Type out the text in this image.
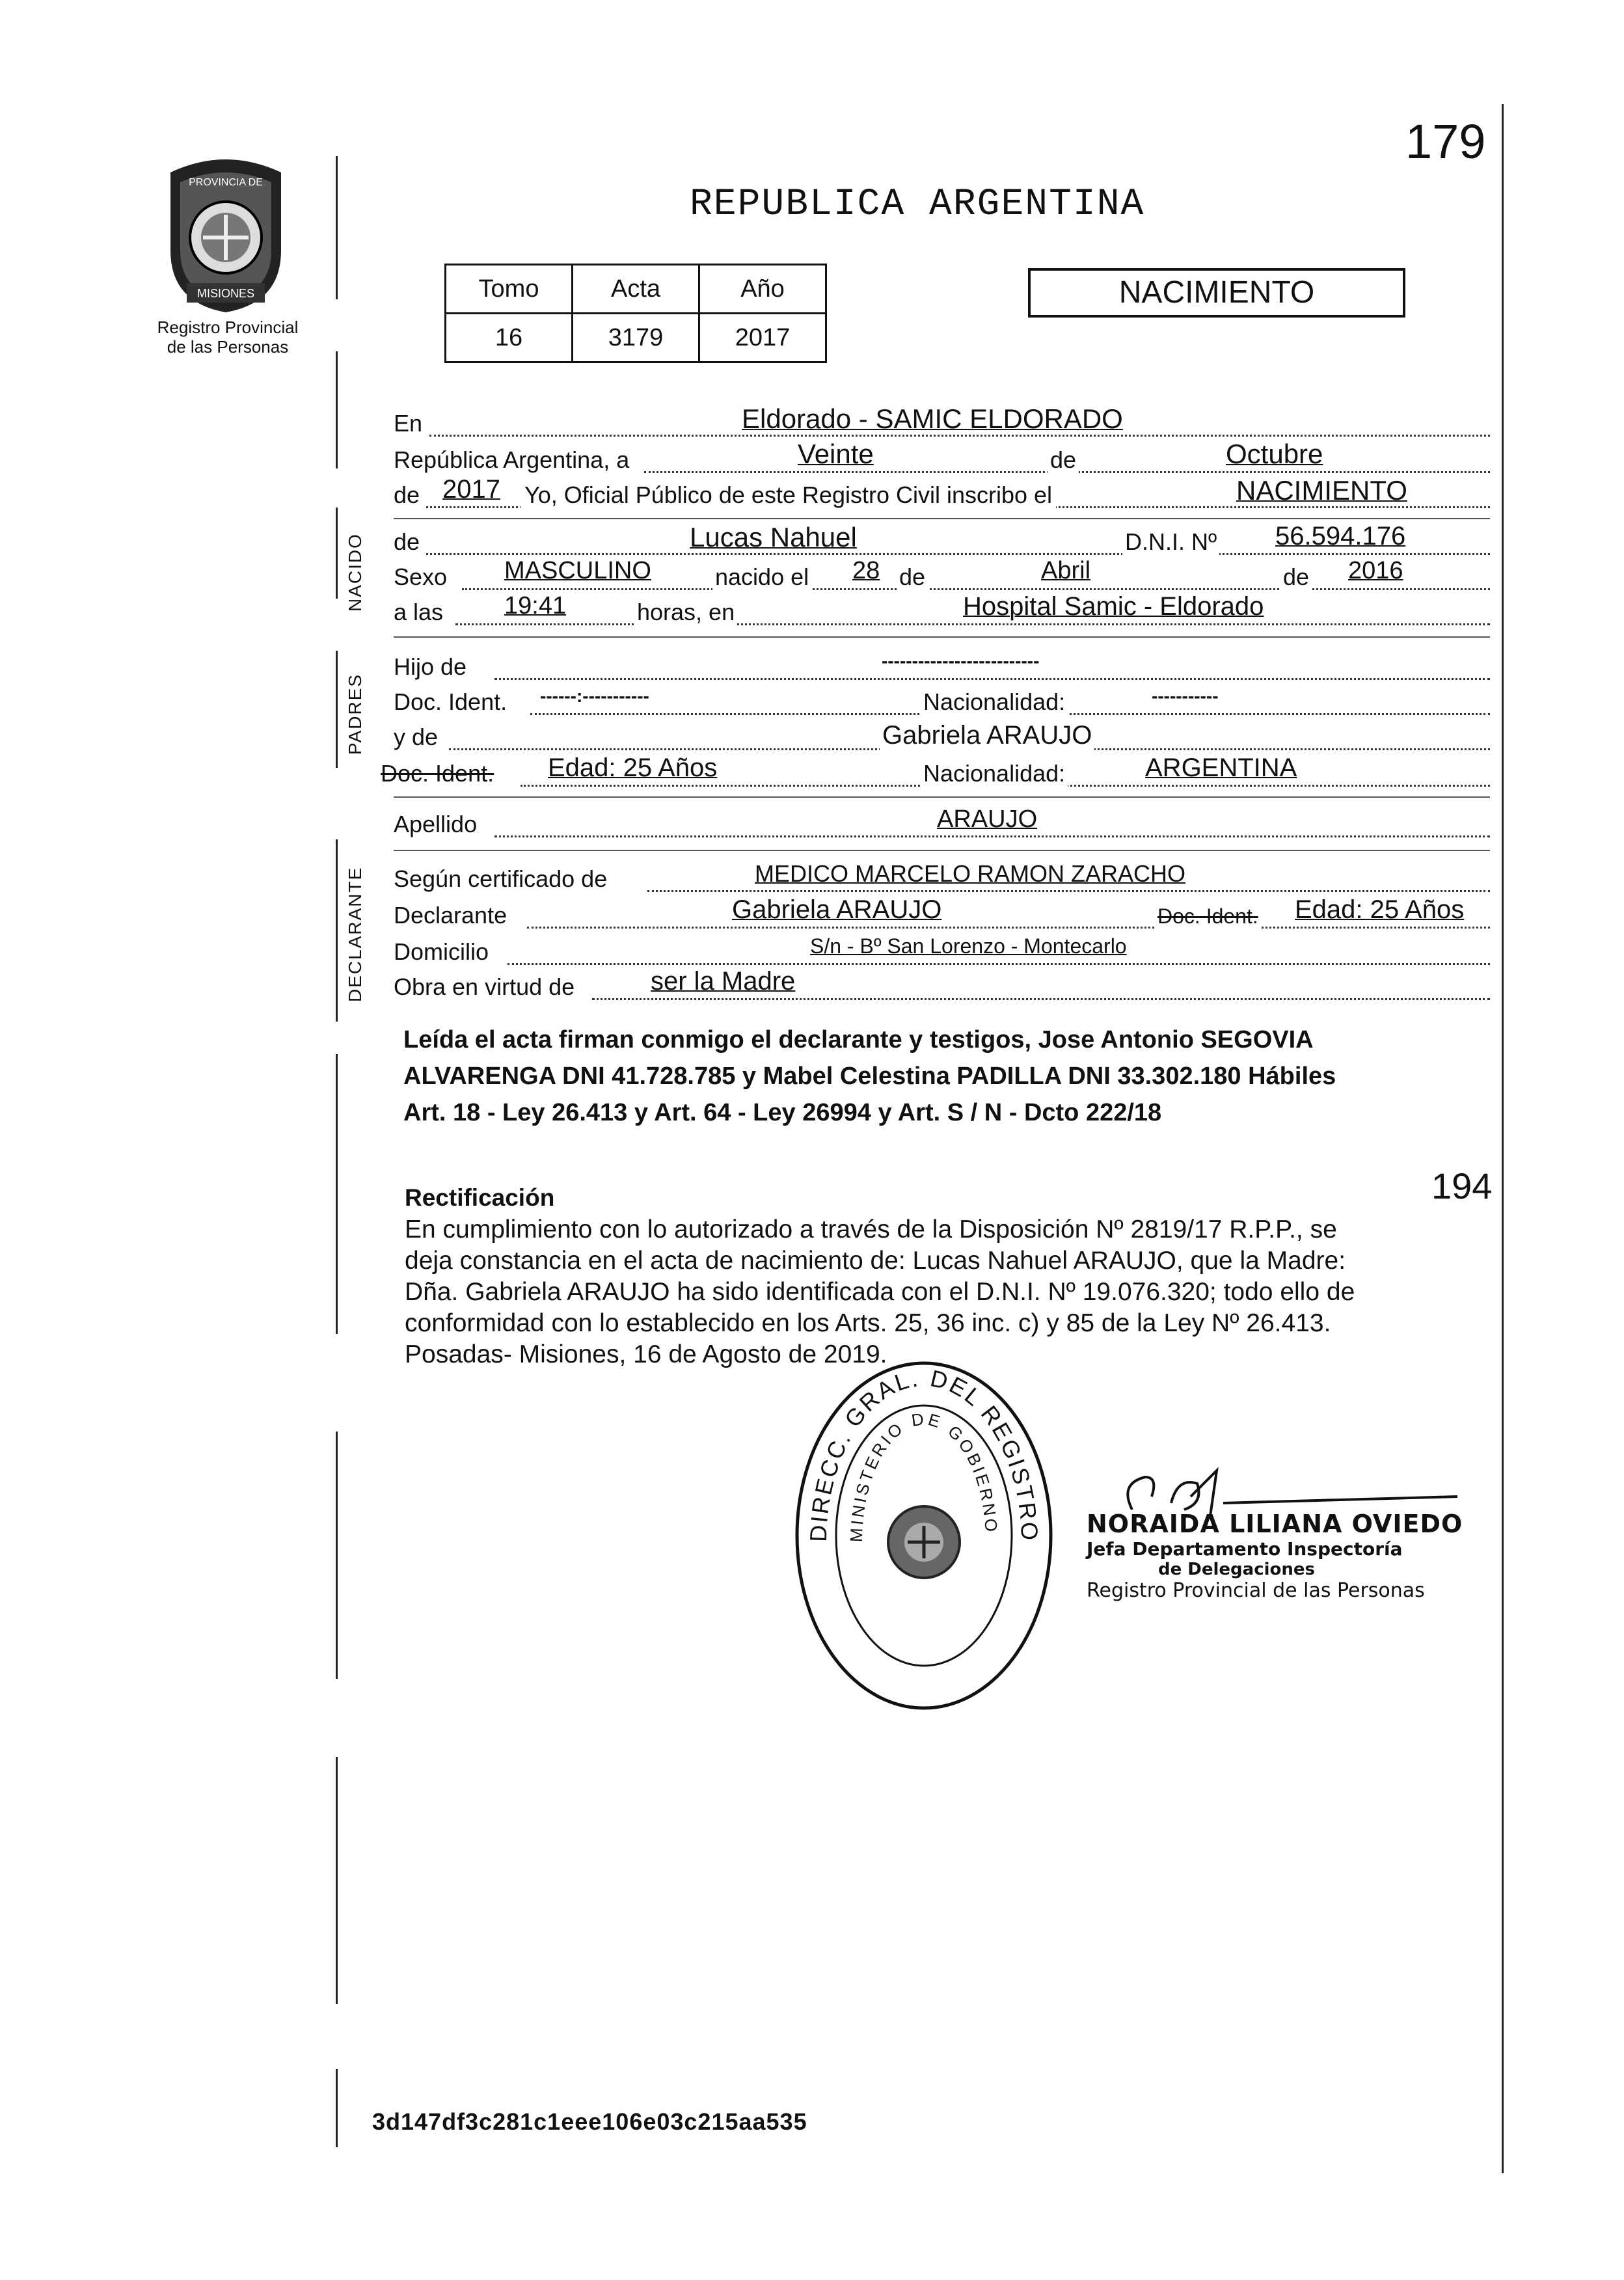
179
MISIONES
PROVINCIA DE
Registro Provincial
de las Personas
REPUBLICA ARGENTINA
Tomo	Acta	Año
16	3179	2017
NACIMIENTO
En	Eldorado - SAMIC ELDORADO
República Argentina, a	Veinte	de	Octubre
de 2017 Yo, Oficial Público de este Registro Civil inscribo el	NACIMIENTO
NACIDO de	Lucas Nahuel	D.N.I. Nº 56.594.176
Sexo MASCULINO	nacido el 28 de	Abril	de 2016
a las 19:41	horas, en	Hospital Samic - Eldorado
PADRES
Hijo de	--------------------------
Doc. Ident. ------:-----------	Nacionalidad:	-----------
y de	Gabriela ARAUJO
Doc. Ident. Edad: 25 Años	Nacionalidad:	ARGENTINA
Apellido	ARAUJO
DECLARANTE Según certificado de	MEDICO MARCELO RAMON ZARACHO
Declarante	Gabriela ARAUJO	Doc. Ident. Edad: 25 Años
Domicilio	S/n - Bº San Lorenzo - Montecarlo
Obra en virtud de	ser la Madre
Leída el acta firman conmigo el declarante y testigos, Jose Antonio SEGOVIA
ALVARENGA DNI 41.728.785 y Mabel Celestina PADILLA DNI 33.302.180 Hábiles
Art. 18 - Ley 26.413 y Art. 64 - Ley 26994 y Art. S / N - Dcto 222/18
194
Rectificación
En cumplimiento con lo autorizado a través de la Disposición Nº 2819/17 R.P.P., se
deja constancia en el acta de nacimiento de: Lucas Nahuel ARAUJO, que la Madre:
Dña. Gabriela ARAUJO ha sido identificada con el D.N.I. Nº 19.076.320; todo ello de
conformidad con lo establecido en los Arts. 25, 36 inc. c) y 85 de la Ley Nº 26.413.
Posadas- Misiones, 16 de Agosto de 2019.
DIRECC. GRAL. DEL REGISTRO
MINISTERIO DE GOBIERNO	NORAIDA LILIANA OVIEDO
Jefa Departamento Inspectoría
de Delegaciones
Registro Provincial de las Personas
3d147df3c281c1eee106e03c215aa535
